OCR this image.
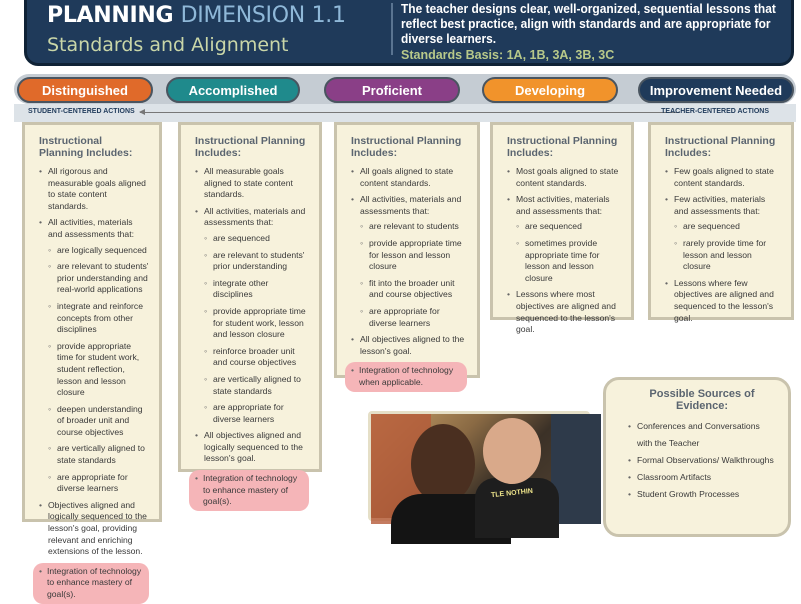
PLANNING DIMENSION 1.1
Standards and Alignment
The teacher designs clear, well-organized, sequential lessons that reflect best practice, align with standards and are appropriate for diverse learners.
Standards Basis: 1A, 1B, 3A, 3B, 3C
Distinguished	Accomplished	Proficient	Developing	Improvement Needed
STUDENT-CENTERED ACTIONS	TEACHER-CENTERED ACTIONS
Instructional Planning Includes:
• All rigorous and measurable goals aligned to state content standards.
• All activities, materials and assessments that:
◦ are logically sequenced
◦ are relevant to students' prior understanding and real-world applications
◦ integrate and reinforce concepts from other disciplines
◦ provide appropriate time for student work, student reflection, lesson and lesson closure
◦ deepen understanding of broader unit and course objectives
◦ are vertically aligned to state standards
◦ are appropriate for diverse learners
• Objectives aligned and logically sequenced to the lesson's goal, providing relevant and enriching extensions of the lesson.
• Integration of technology to enhance mastery of goal(s).
Instructional Planning Includes:
• All measurable goals aligned to state content standards.
• All activities, materials and assessments that:
◦ are sequenced
◦ are relevant to students' prior understanding
◦ integrate other disciplines
◦ provide appropriate time for student work, lesson and lesson closure
◦ reinforce broader unit and course objectives
◦ are vertically aligned to state standards
◦ are appropriate for diverse learners
• All objectives aligned and logically sequenced to the lesson's goal.
• Integration of technology to enhance mastery of goal(s).
Instructional Planning Includes:
• All goals aligned to state content standards.
• All activities, materials and assessments that:
◦ are relevant to students
◦ provide appropriate time for lesson and lesson closure
◦ fit into the broader unit and course objectives
◦ are appropriate for diverse learners
• All objectives aligned to the lesson's goal.
• Integration of technology when applicable.
Instructional Planning Includes:
• Most goals aligned to state content standards.
• Most activities, materials and assessments that:
◦ are sequenced
◦ sometimes provide appropriate time for lesson and lesson closure
• Lessons where most objectives are aligned and sequenced to the lesson's goal.
Instructional Planning Includes:
• Few goals aligned to state content standards.
• Few activities, materials and assessments that:
◦ are sequenced
◦ rarely provide time for lesson and lesson closure
• Lessons where few objectives are aligned and sequenced to the lesson's goal.
TLE NOTHIN
Possible Sources of Evidence:
• Conferences and Conversations with the Teacher
• Formal Observations/ Walkthroughs
• Classroom Artifacts
• Student Growth Processes
